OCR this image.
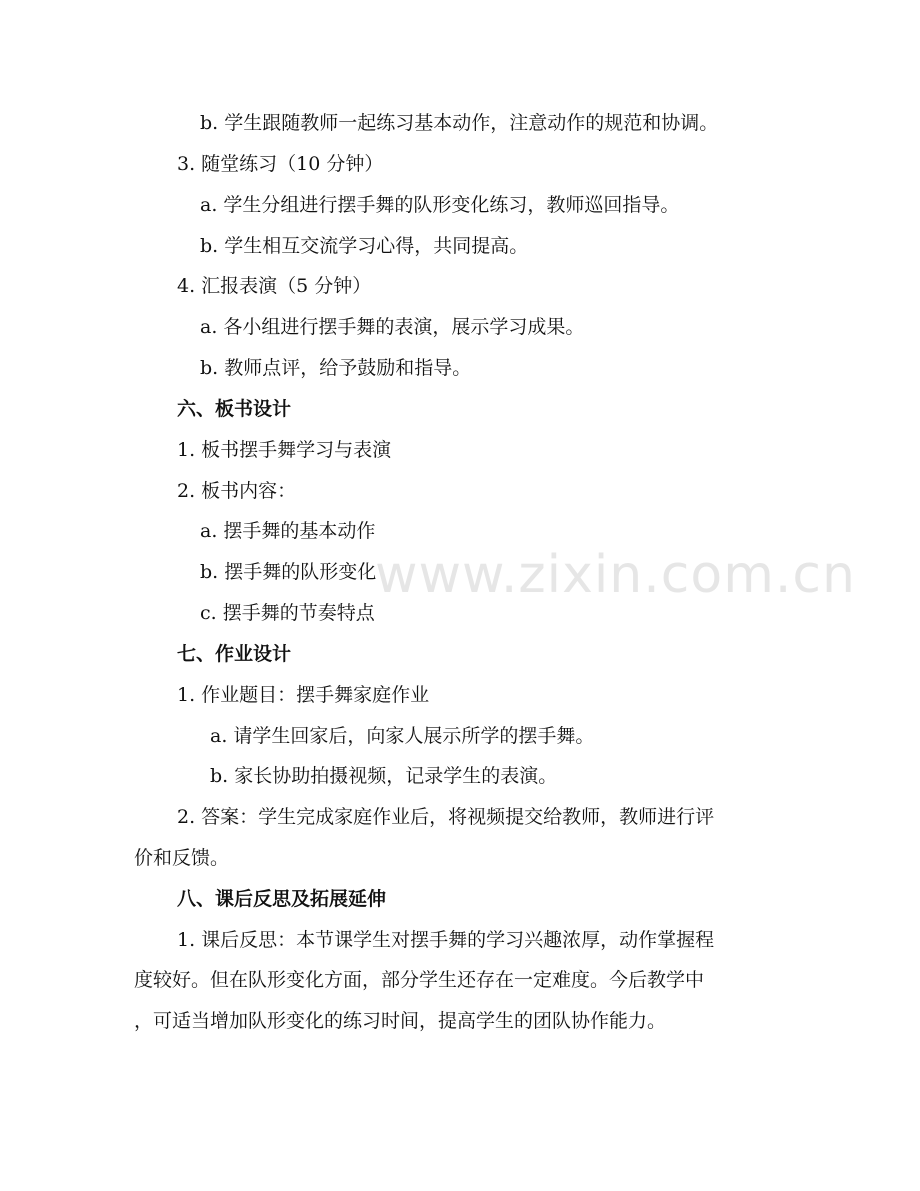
www.zixin.com.cn
b. 学生跟随教师一起练习基本动作，注意动作的规范和协调。
3. 随堂练习（10 分钟）
a. 学生分组进行摆手舞的队形变化练习，教师巡回指导。
b. 学生相互交流学习心得，共同提高。
4. 汇报表演（5 分钟）
a. 各小组进行摆手舞的表演，展示学习成果。
b. 教师点评，给予鼓励和指导。
六、板书设计
1. 板书摆手舞学习与表演
2. 板书内容：
a. 摆手舞的基本动作
b. 摆手舞的队形变化
c. 摆手舞的节奏特点
七、作业设计
1. 作业题目：摆手舞家庭作业
a. 请学生回家后，向家人展示所学的摆手舞。
b. 家长协助拍摄视频，记录学生的表演。
2. 答案：学生完成家庭作业后，将视频提交给教师，教师进行评
价和反馈。
八、课后反思及拓展延伸
1. 课后反思：本节课学生对摆手舞的学习兴趣浓厚，动作掌握程
度较好。但在队形变化方面，部分学生还存在一定难度。今后教学中
，可适当增加队形变化的练习时间，提高学生的团队协作能力。
